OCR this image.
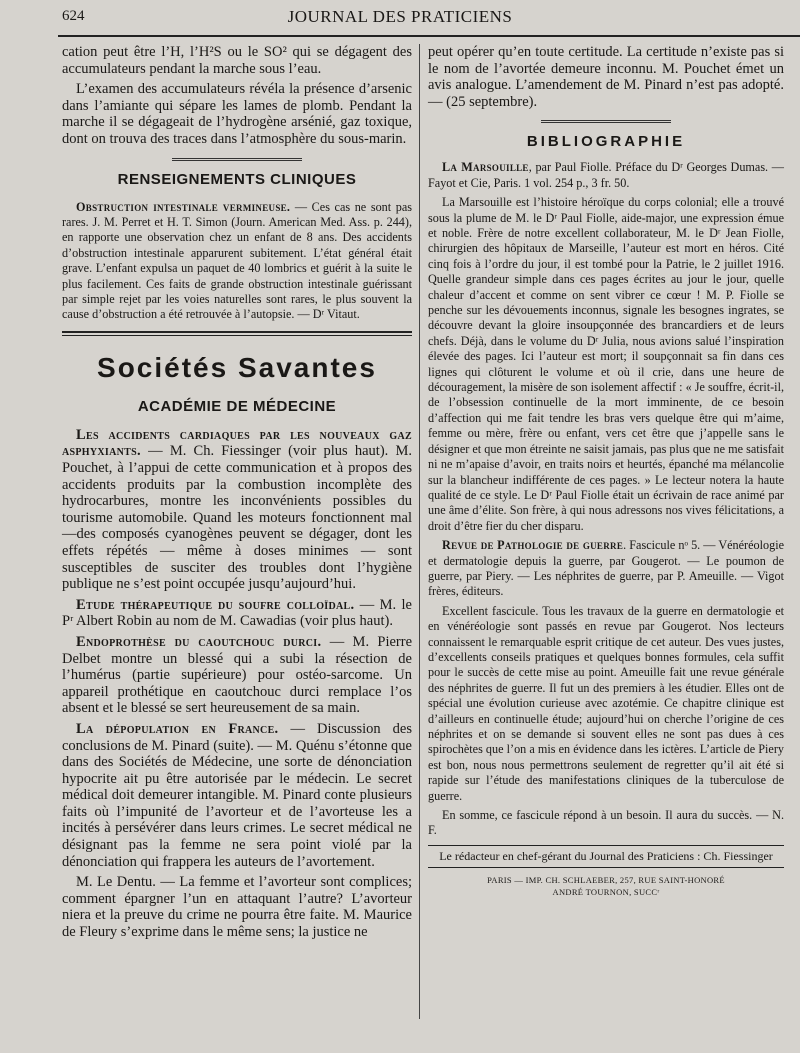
624	JOURNAL DES PRATICIENS

cation peut être l’H, l’H²S ou le SO² qui se dégagent des accumulateurs pendant la marche sous l’eau.

L’examen des accumulateurs révéla la présence d’arsenic dans l’amiante qui sépare les lames de plomb. Pendant la marche il se dégageait de l’hydrogène arsénié, gaz toxique, dont on trouva des traces dans l’atmosphère du sous-marin.

RENSEIGNEMENTS CLINIQUES

Obstruction intestinale vermineuse. — Ces cas ne sont pas rares. J. M. Perret et H. T. Simon (Journ. American Med. Ass. p. 244), en rapporte une observation chez un enfant de 8 ans. Des accidents d’obstruction intestinale apparurent subitement. L’état général était grave. L’enfant expulsa un paquet de 40 lombrics et guérit à la suite le plus facilement. Ces faits de grande obstruction intestinale guérissant par simple rejet par les voies naturelles sont rares, le plus souvent la cause d’obstruction a été retrouvée à l’autopsie. — Dʳ Vitaut.

Sociétés Savantes
ACADÉMIE DE MÉDECINE

Les accidents cardiaques par les nouveaux gaz asphyxiants. — M. Ch. Fiessinger (voir plus haut). M. Pouchet, à l’appui de cette communication et à propos des accidents produits par la combustion incomplète des hydrocarbures, montre les inconvénients possibles du tourisme automobile. Quand les moteurs fonctionnent mal —des composés cyanogènes peuvent se dégager, dont les effets répétés — même à doses minimes — sont susceptibles de susciter des troubles dont l’hygiène publique ne s’est point occupée jusqu’aujourd’hui.

Etude thérapeutique du soufre colloïdal. — M. le Pʳ Albert Robin au nom de M. Cawadias (voir plus haut).

Endoprothèse du caoutchouc durci. — M. Pierre Delbet montre un blessé qui a subi la résection de l’humérus (partie supérieure) pour ostéo-sarcome. Un appareil prothétique en caoutchouc durci remplace l’os absent et le blessé se sert heureusement de sa main.

La dépopulation en France. — Discussion des conclusions de M. Pinard (suite). — M. Quénu s’étonne que dans des Sociétés de Médecine, une sorte de dénonciation hypocrite ait pu être autorisée par le médecin. Le secret médical doit demeurer intangible. M. Pinard conte plusieurs faits où l’impunité de l’avorteur et de l’avorteuse les a incités à persévérer dans leurs crimes. Le secret médical ne désignant pas la femme ne sera point violé par la dénonciation qui frappera les auteurs de l’avortement.

M. Le Dentu. — La femme et l’avorteur sont complices; comment épargner l’un en attaquant l’autre? L’avorteur niera et la preuve du crime ne pourra être faite. M. Maurice de Fleury s’exprime dans le même sens; la justice ne

peut opérer qu’en toute certitude. La certitude n’existe pas si le nom de l’avortée demeure inconnu. M. Pouchet émet un avis analogue. L’amendement de M. Pinard n’est pas adopté. — (25 septembre).

BIBLIOGRAPHIE

La Marsouille, par Paul Fiolle. Préface du Dʳ Georges Dumas. — Fayot et Cie, Paris. 1 vol. 254 p., 3 fr. 50.

La Marsouille est l’histoire héroïque du corps colonial; elle a trouvé sous la plume de M. le Dʳ Paul Fiolle, aide-major, une expression émue et noble. Frère de notre excellent collaborateur, M. le Dʳ Jean Fiolle, chirurgien des hôpitaux de Marseille, l’auteur est mort en héros. Cité cinq fois à l’ordre du jour, il est tombé pour la Patrie, le 2 juillet 1916. Quelle grandeur simple dans ces pages écrites au jour le jour, quelle chaleur d’accent et comme on sent vibrer ce cœur ! M. P. Fiolle se penche sur les dévouements inconnus, signale les besognes ingrates, se découvre devant la gloire insoupçonnée des brancardiers et de leurs chefs. Déjà, dans le volume du Dʳ Julia, nous avions salué l’inspiration élevée des pages. Ici l’auteur est mort; il soupçonnait sa fin dans ces lignes qui clôturent le volume et où il crie, dans une heure de découragement, la misère de son isolement affectif : « Je souffre, écrit-il, de l’obsession continuelle de la mort imminente, de ce besoin d’affection qui me fait tendre les bras vers quelque être qui m’aime, femme ou mère, frère ou enfant, vers cet être que j’appelle sans le désigner et que mon étreinte ne saisit jamais, pas plus que ne me satisfait ni ne m’apaise d’avoir, en traits noirs et heurtés, épanché ma mélancolie sur la blancheur indifférente de ces pages. » Le lecteur notera la haute qualité de ce style. Le Dʳ Paul Fiolle était un écrivain de race animé par une âme d’élite. Son frère, à qui nous adressons nos vives félicitations, a droit d’être fier du cher disparu.

Revue de Pathologie de guerre. Fascicule nᵒ 5. — Vénéréologie et dermatologie depuis la guerre, par Gougerot. — Le poumon de guerre, par Piery. — Les néphrites de guerre, par P. Ameuille. — Vigot frères, éditeurs.

Excellent fascicule. Tous les travaux de la guerre en dermatologie et en vénéréologie sont passés en revue par Gougerot. Nos lecteurs connaissent le remarquable esprit critique de cet auteur. Des vues justes, d’excellents conseils pratiques et quelques bonnes formules, cela suffit pour le succès de cette mise au point. Ameuille fait une revue générale des néphrites de guerre. Il fut un des premiers à les étudier. Elles ont de spécial une évolution curieuse avec azotémie. Ce chapitre clinique est d’ailleurs en continuelle étude; aujourd’hui on cherche l’origine de ces néphrites et on se demande si souvent elles ne sont pas dues à ces spirochètes que l’on a mis en évidence dans les ictères. L’article de Piery est bon, nous nous permettrons seulement de regretter qu’il ait été si rapide sur l’étude des manifestations cliniques de la tuberculose de guerre.

En somme, ce fascicule répond à un besoin. Il aura du succès. — N. F.

Le rédacteur en chef-gérant du Journal des Praticiens : Ch. Fiessinger
PARIS — IMP. CH. SCHLAEBER, 257, RUE SAINT-HONORÉ
ANDRÉ TOURNON, SUCCʳ
